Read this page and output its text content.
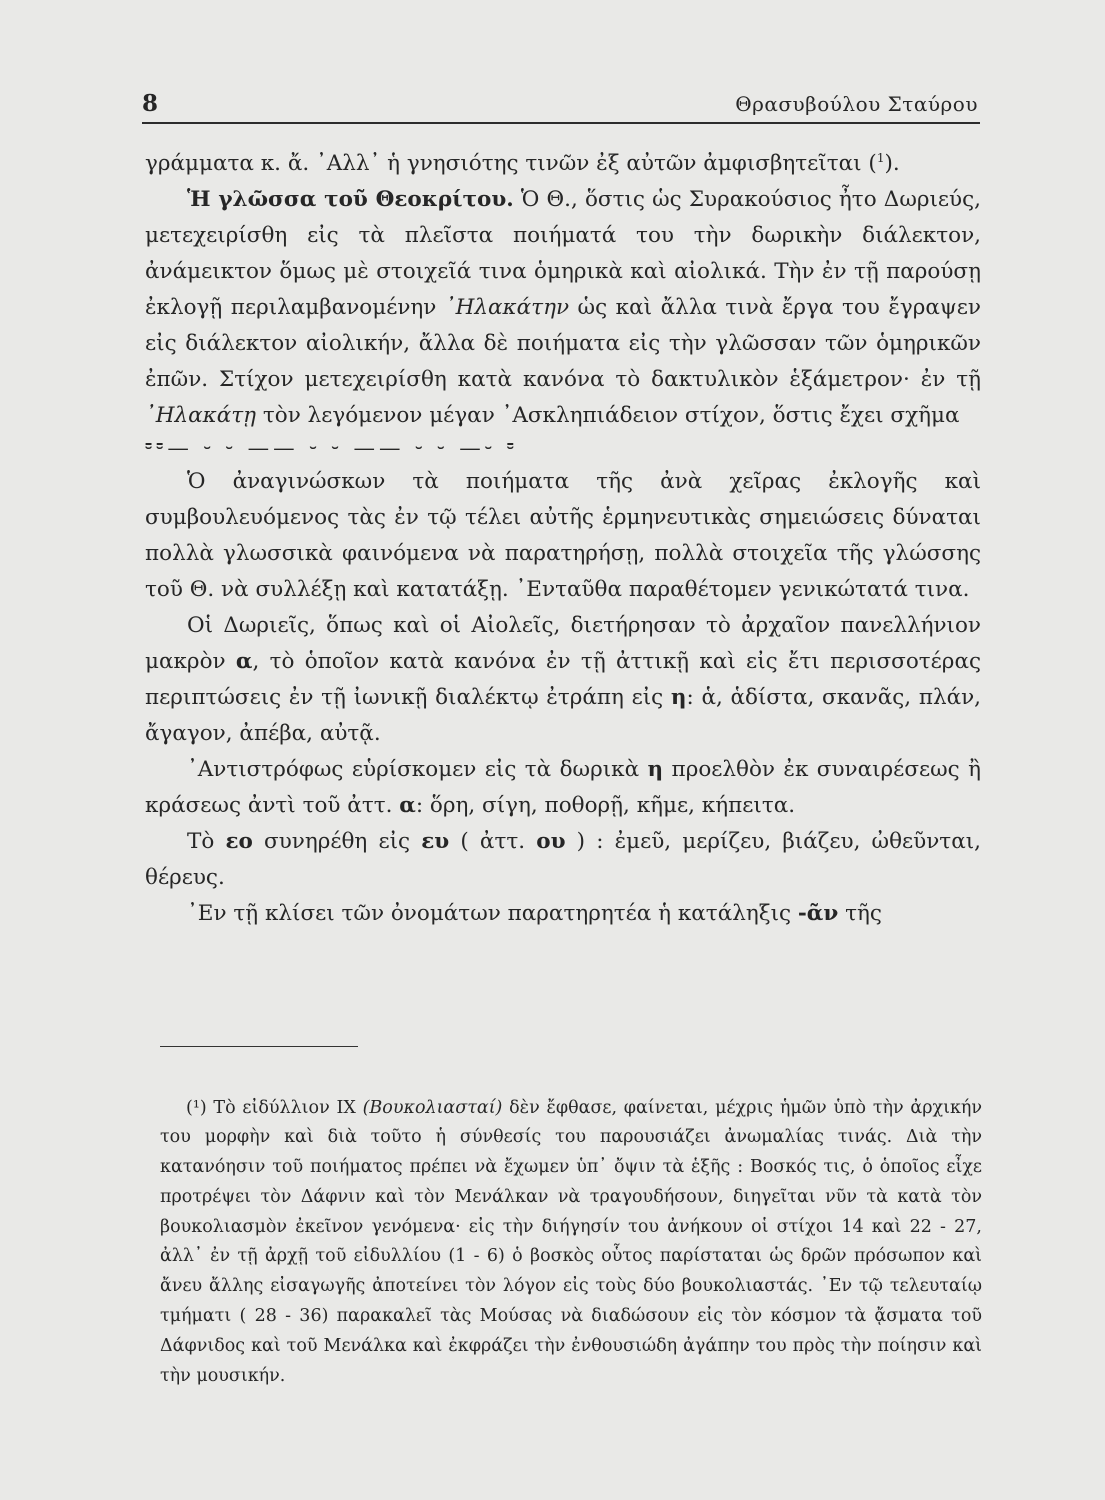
8	Θρασυβούλου Σταύρου

γράμματα κ. ἄ. ᾿Αλλ᾿ ἡ γνησιότης τινῶν ἐξ αὐτῶν ἀμφισβητεῖται ($^1$).

Ἡ γλῶσσα τοῦ Θεοκρίτου. Ὁ Θ., ὅστις ὡς Συρακούσιος ἦτο Δωριεύς, μετεχειρίσθη εἰς τὰ πλεῖστα ποιήματά του τὴν δωρικὴν διάλεκτον, ἀνάμεικτον ὅμως μὲ στοιχεῖά τινα ὁμηρικὰ καὶ αἰολικά. Τὴν ἐν τῇ παρούσῃ ἐκλογῇ περιλαμβανομένην ᾿Ηλακάτην ὡς καὶ ἄλλα τινὰ ἔργα του ἔγραψεν εἰς διάλεκτον αἰολικήν, ἄλλα δὲ ποιήματα εἰς τὴν γλῶσσαν τῶν ὁμηρικῶν ἐπῶν. Στίχον μετεχειρίσθη κατὰ κανόνα τὸ δακτυλικὸν ἑξάμετρον· ἐν τῇ ᾿Ηλακάτῃ τὸν λεγόμενον μέγαν ᾿Ασκληπιάδειον στίχον, ὅστις ἔχει σχῆμα

⏒⏒— ⏑ ⏑ —— ⏑ ⏑ —— ⏑ ⏑ —⏑ ⏒

Ὁ ἀναγινώσκων τὰ ποιήματα τῆς ἀνὰ χεῖρας ἐκλογῆς καὶ συμβουλευόμενος τὰς ἐν τῷ τέλει αὐτῆς ἑρμηνευτικὰς σημειώσεις δύναται πολλὰ γλωσσικὰ φαινόμενα νὰ παρατηρήσῃ, πολλὰ στοιχεῖα τῆς γλώσσης τοῦ Θ. νὰ συλλέξῃ καὶ κατατάξῃ. ᾿Ενταῦθα παραθέτομεν γενικώτατά τινα.

Οἱ Δωριεῖς, ὅπως καὶ οἱ Αἰολεῖς, διετήρησαν τὸ ἀρχαῖον πανελλήνιον μακρὸν α, τὸ ὁποῖον κατὰ κανόνα ἐν τῇ ἀττικῇ καὶ εἰς ἔτι περισσοτέρας περιπτώσεις ἐν τῇ ἰωνικῇ διαλέκτῳ ἐτράπη εἰς η: ἁ, ἁδίστα, σκανᾶς, πλάν, ἄγαγον, ἀπέβα, αὐτᾷ.

᾿Αντιστρόφως εὑρίσκομεν εἰς τὰ δωρικὰ η προελθὸν ἐκ συναιρέσεως ἢ κράσεως ἀντὶ τοῦ ἀττ. α: ὅρη, σίγη, ποθορῇ, κῆμε, κήπειτα.

Τὸ εο συνηρέθη εἰς ευ ( ἀττ. ου ) : ἐμεῦ, μερίζευ, βιάζευ, ὠθεῦνται, θέρευς.

᾿Εν τῇ κλίσει τῶν ὀνομάτων παρατηρητέα ἡ κατάληξις -ᾶν τῆς

(¹) Τὸ εἰδύλλιον IX (Βουκολιασταί) δὲν ἔφθασε, φαίνεται, μέχρις ἡμῶν ὑπὸ τὴν ἀρχικήν του μορφὴν καὶ διὰ τοῦτο ἡ σύνθεσίς του παρουσιάζει ἀνωμαλίας τινάς. Διὰ τὴν κατανόησιν τοῦ ποιήματος πρέπει νὰ ἔχωμεν ὑπ᾿ ὄψιν τὰ ἑξῆς : Βοσκός τις, ὁ ὁποῖος εἶχε προτρέψει τὸν Δάφνιν καὶ τὸν Μενάλκαν νὰ τραγουδήσουν, διηγεῖται νῦν τὰ κατὰ τὸν βουκολιασμὸν ἐκεῖνον γενόμενα· εἰς τὴν διήγησίν του ἀνήκουν οἱ στίχοι 14 καὶ 22 - 27, ἀλλ᾿ ἐν τῇ ἀρχῇ τοῦ εἰδυλλίου (1 - 6) ὁ βοσκὸς οὗτος παρίσταται ὡς δρῶν πρόσωπον καὶ ἄνευ ἄλλης εἰσαγωγῆς ἀποτείνει τὸν λόγον εἰς τοὺς δύο βουκολιαστάς. ᾿Εν τῷ τελευταίῳ τμήματι ( 28 - 36) παρακαλεῖ τὰς Μούσας νὰ διαδώσουν εἰς τὸν κόσμον τὰ ᾄσματα τοῦ Δάφνιδος καὶ τοῦ Μενάλκα καὶ ἐκφράζει τὴν ἐνθουσιώδη ἀγάπην του πρὸς τὴν ποίησιν καὶ τὴν μουσικήν.
